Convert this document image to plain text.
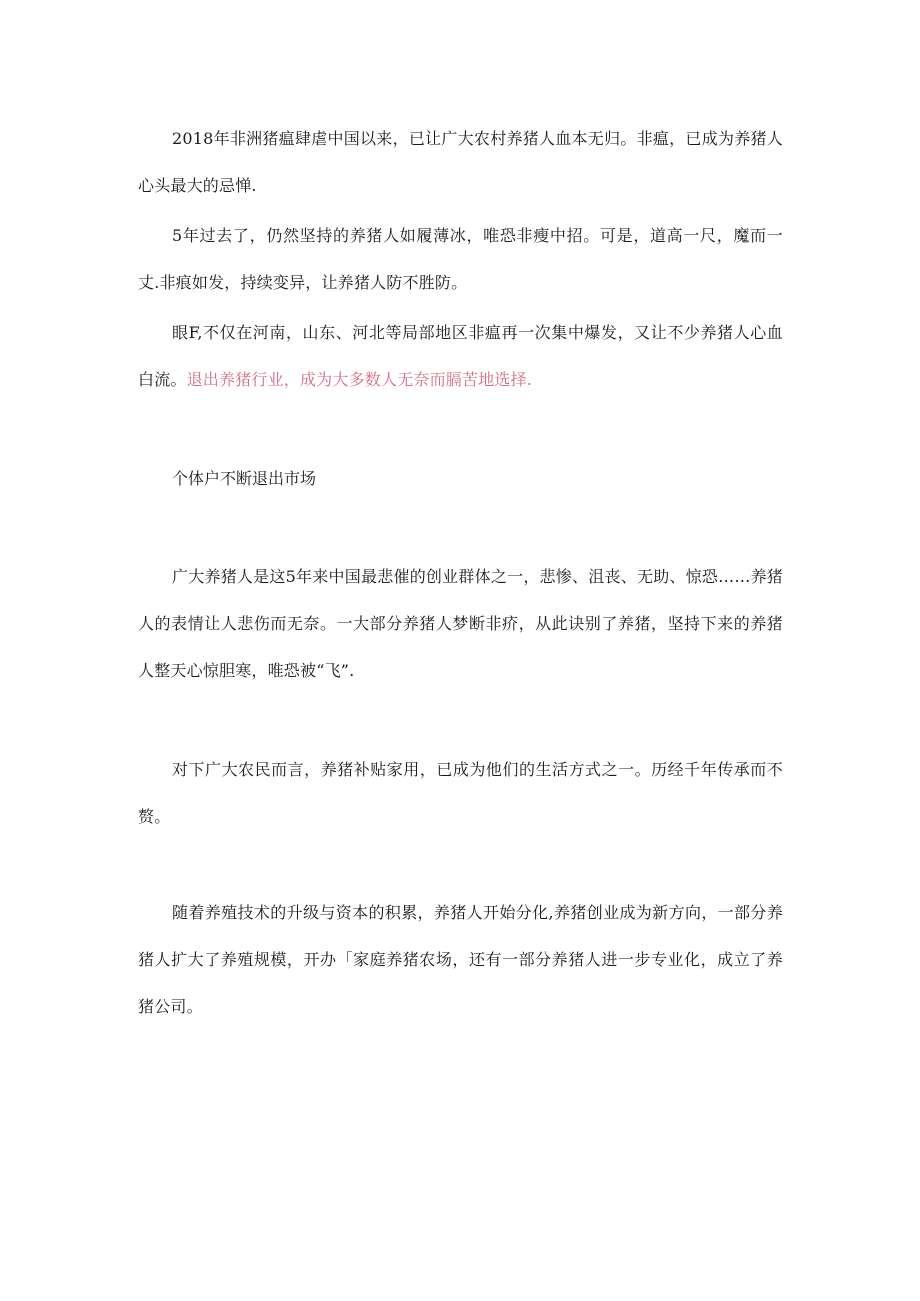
2018年非洲猪瘟肆虐中国以来，已让广大农村养猪人血本无归。非瘟，已成为养猪人心头最大的忌惮.

5年过去了，仍然坚持的养猪人如履薄冰，唯恐非瘦中招。可是，道高一尺，魔而一丈.非痕如发，持续变异，让养猪人防不胜防。

眼F,不仅在河南，山东、河北等局部地区非瘟再一次集中爆发，又让不少养猪人心血白流。退出养猪行业，成为大多数人无奈而膈苦地选择.

个体户不断退出市场

广大养猪人是这5年来中国最悲催的创业群体之一，悲惨、沮丧、无助、惊恐……养猪人的表情让人悲伤而无奈。一大部分养猪人梦断非疥，从此诀别了养猪，坚持下来的养猪人整天心惊胆寒，唯恐被“飞”.

对下广大农民而言，养猪补贴家用，已成为他们的生活方式之一。历经千年传承而不赘。

随着养殖技术的升级与资本的积累，养猪人开始分化,养猪创业成为新方向，一部分养猪人扩大了养殖规模，开办「家庭养猪农场，还有一部分养猪人进一步专业化，成立了养猪公司。
